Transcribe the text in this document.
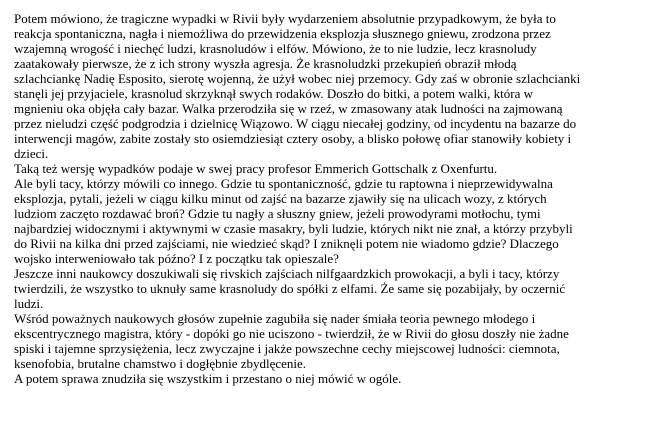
Potem mówiono, że tragiczne wypadki w Rivii były wydarzeniem absolutnie przypadkowym, że była to
reakcja spontaniczna, nagła i niemożliwa do przewidzenia eksplozja słusznego gniewu, zrodzona przez
wzajemną wrogość i niechęć ludzi, krasnoludów i elfów. Mówiono, że to nie ludzie, lecz krasnoludy
zaatakowały pierwsze, że z ich strony wyszła agresja. Że krasnoludzki przekupień obraził młodą
szlachciankę Nadię Esposito, sierotę wojenną, że użył wobec niej przemocy. Gdy zaś w obronie szlachcianki
stanęli jej przyjaciele, krasnolud skrzyknął swych rodaków. Doszło do bitki, a potem walki, która w
mgnieniu oka objęła cały bazar. Walka przerodziła się w rzeź, w zmasowany atak ludności na zajmowaną
przez nieludzi część podgrodzia i dzielnicę Wiązowo. W ciągu niecałej godziny, od incydentu na bazarze do
interwencji magów, zabite zostały sto osiemdziesiąt cztery osoby, a blisko połowę ofiar stanowiły kobiety i
dzieci.
Taką też wersję wypadków podaje w swej pracy profesor Emmerich Gottschalk z Oxenfurtu.
Ale byli tacy, którzy mówili co innego. Gdzie tu spontaniczność, gdzie tu raptowna i nieprzewidywalna
eksplozja, pytali, jeżeli w ciągu kilku minut od zajść na bazarze zjawiły się na ulicach wozy, z których
ludziom zaczęto rozdawać broń? Gdzie tu nagły a słuszny gniew, jeżeli prowodyrami motłochu, tymi
najbardziej widocznymi i aktywnymi w czasie masakry, byli ludzie, których nikt nie znał, a którzy przybyli
do Rivii na kilka dni przed zajściami, nie wiedzieć skąd? I zniknęli potem nie wiadomo gdzie? Dlaczego
wojsko interweniowało tak późno? I z początku tak opieszale?
Jeszcze inni naukowcy doszukiwali się rivskich zajściach nilfgaardzkich prowokacji, a byli i tacy, którzy
twierdzili, że wszystko to uknuły same krasnoludy do spółki z elfami. Że same się pozabijały, by oczernić
ludzi.
Wśród poważnych naukowych głosów zupełnie zagubiła się nader śmiała teoria pewnego młodego i
ekscentrycznego magistra, który - dopóki go nie uciszono - twierdził, że w Rivii do głosu doszły nie żadne
spiski i tajemne sprzysiężenia, lecz zwyczajne i jakże powszechne cechy miejscowej ludności: ciemnota,
ksenofobia, brutalne chamstwo i dogłębnie zbydlęcenie.
A potem sprawa znudziła się wszystkim i przestano o niej mówić w ogóle.
